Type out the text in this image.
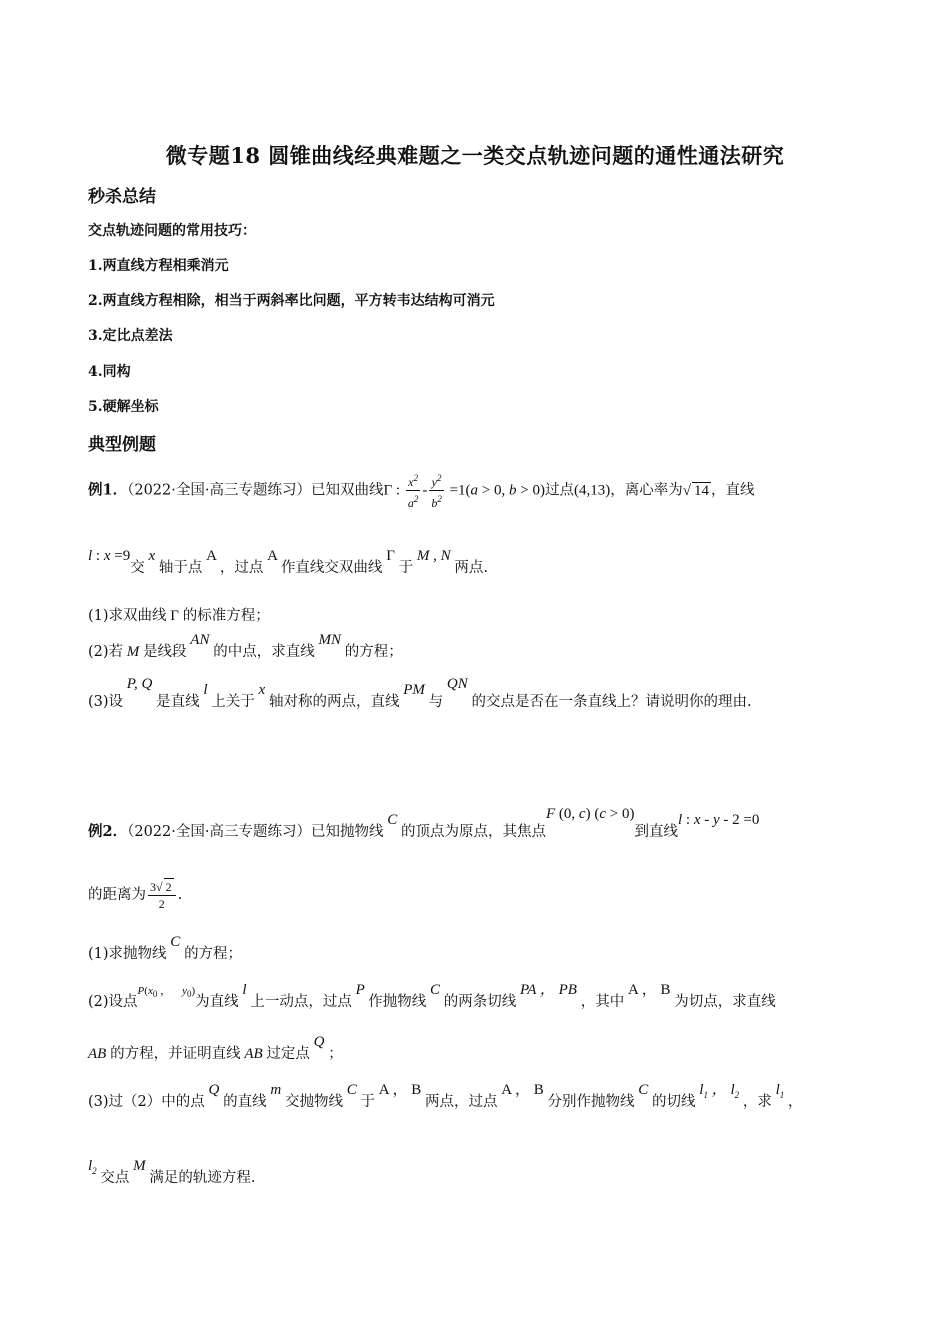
微专题18 圆锥曲线经典难题之一类交点轨迹问题的通性通法研究
秒杀总结
交点轨迹问题的常用技巧：
1.两直线方程相乘消元
2.两直线方程相除，相当于两斜率比问题，平方转韦达结构可消元
3.定比点差法
4.同构
5.硬解坐标
典型例题
例1．（2022·全国·高三专题练习）已知双曲线Γ : $\frac{x^2}{a^2} - \frac{y^2}{b^2} =1(a > 0$, b > 0)过点(4,13)，离心率为√ 14 ，直线
l : x =9交 x 轴于点 A ，过点 A 作直线交双曲线 Γ 于 M , N 两点.
(1)求双曲线 Γ 的标准方程；
(2)若 M 是线段 AN 的中点，求直线 MN 的方程；
(3)设 P, Q 是直线 l 上关于 x 轴对称的两点，直线 PM 与 QN 的交点是否在一条直线上？请说明你的理由.
例2．（2022·全国·高三专题练习）已知抛物线 C 的顶点为原点，其焦点F (0, c) (c > 0)到直线l : x - y - 2 =0
的距离为 $\frac{3√ 2}{2}$ .
(1)求抛物线 C 的方程；
(2)设点$^{P(x_0 , y_0)}$为直线 l 上一动点，过点 P 作抛物线 C 的两条切线 PA ， PB ，其中 A ， B 为切点，求直线
AB 的方程，并证明直线 AB 过定点 Q ；
(3)过（2）中的点 Q 的直线 m 交抛物线 C 于 A ， B 两点，过点 A ， B 分别作抛物线 C 的切线 $l_1$ ， $l_2$ ，求 $l_1$ ，
$l_2$ 交点 M 满足的轨迹方程.
